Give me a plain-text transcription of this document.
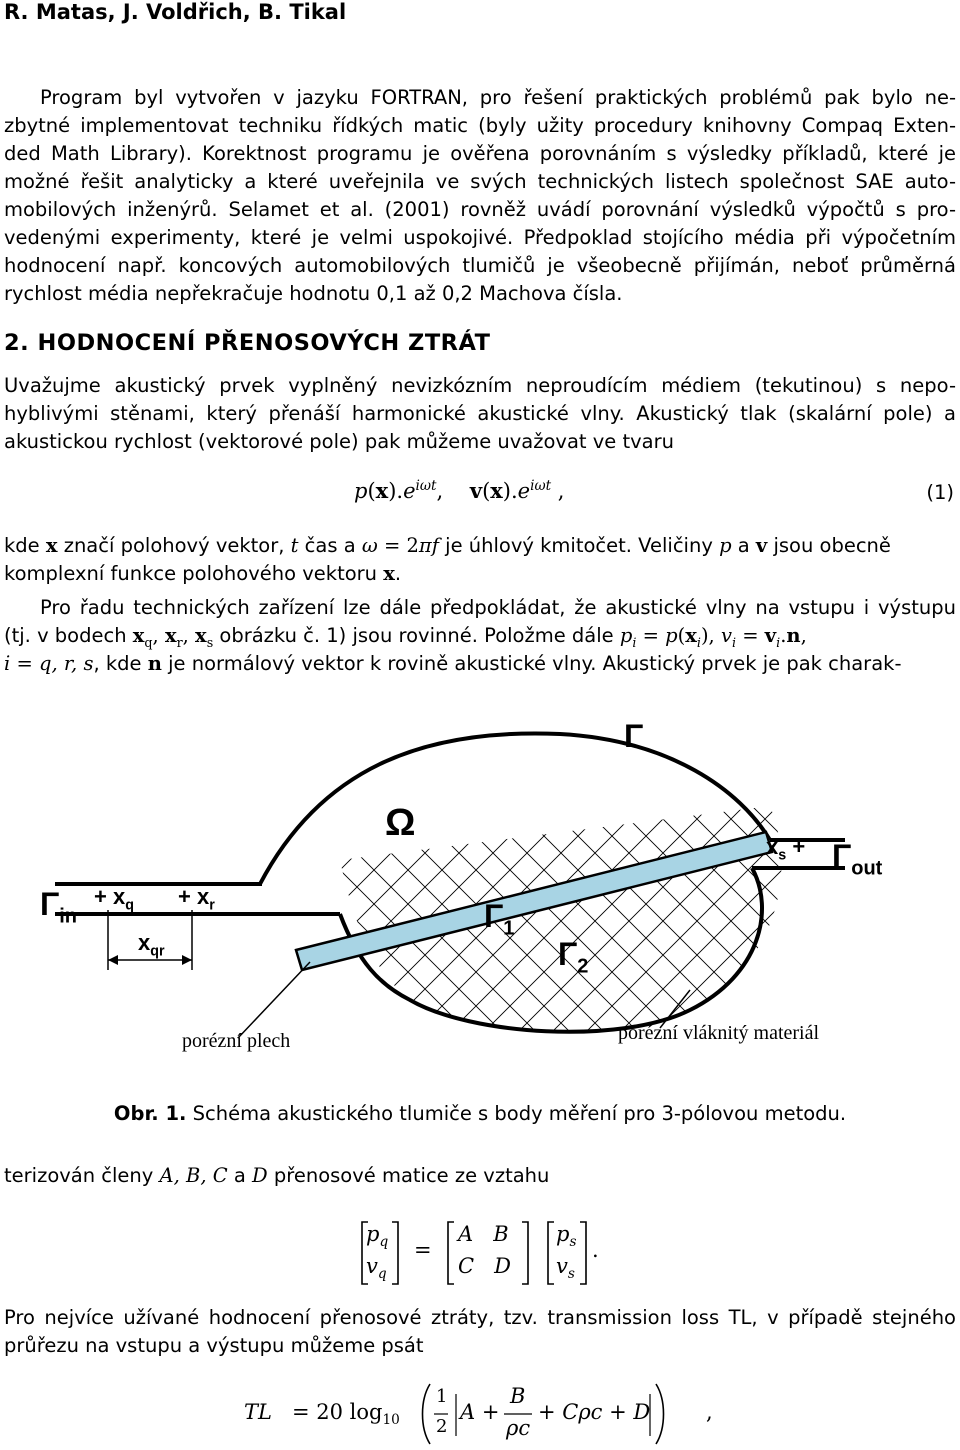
R. Matas, J. Voldřich, B. Tikal
Program byl vytvořen v jazyku FORTRAN, pro řešení praktických problémů pak bylo ne-
zbytné implementovat techniku řídkých matic (byly užity procedury knihovny Compaq Exten-
ded Math Library). Korektnost programu je ověřena porovnáním s výsledky příkladů, které je
možné řešit analyticky a které uveřejnila ve svých technických listech společnost SAE auto-
mobilových inženýrů. Selamet et al. (2001) rovněž uvádí porovnání výsledků výpočtů s pro-
vedenými experimenty, které je velmi uspokojivé. Předpoklad stojícího média při výpočetním
hodnocení např. koncových automobilových tlumičů je všeobecně přijímán, neboť průměrná
rychlost média nepřekračuje hodnotu 0,1 až 0,2 Machova čísla.
2. HODNOCENÍ PŘENOSOVÝCH ZTRÁT
Uvažujme akustický prvek vyplněný nevizkózním neproudícím médiem (tekutinou) s nepo-
hyblivými stěnami, který přenáší harmonické akustické vlny. Akustický tlak (skalární pole) a
akustickou rychlost (vektorové pole) pak můžeme uvažovat ve tvaru
$p(x).e^{i\omega t}$,    $v(x).e^{i\omega t}$ ,	(1)
kde x značí polohový vektor, t čas a ω = 2πf je úhlový kmitočet. Veličiny p a v jsou obecně
komplexní funkce polohového vektoru x.
Pro řadu technických zařízení lze dále předpokládat, že akustické vlny na vstupu i výstupu
(tj. v bodech $x_q$, $x_r$, $x_s$ obrázku č. 1) jsou rovinné. Položme dále $p_i = p(x_i)$, $v_i = v_i.n$,
i = q, r, s, kde n je normálový vektor k rovině akustické vlny. Akustický prvek je pak charak-
Γ
Ω
$x_s + \Gamma_{out}$
$\Gamma_{in}$
+ $x_q + x_r$
$x_{qr}$
$\Gamma_1$
$\Gamma_2$
porézní plech	porézní vláknitý materiál
Obr. 1. Schéma akustického tlumiče s body měření pro 3-pólovou metodu.
terizován členy A, B, C a D přenosové matice ze vztahu
$p_q$
$v_q$
=
A   B
C   D
$p_s$
$v_s$
.
Pro nejvíce užívané hodnocení přenosové ztráty, tzv. transmission loss TL, v případě stejného
průřezu na vstupu a výstupu můžeme psát
TL = 20 $\log_{10}$
1
2
A +
B
ρc
+ Cρc + D	,
